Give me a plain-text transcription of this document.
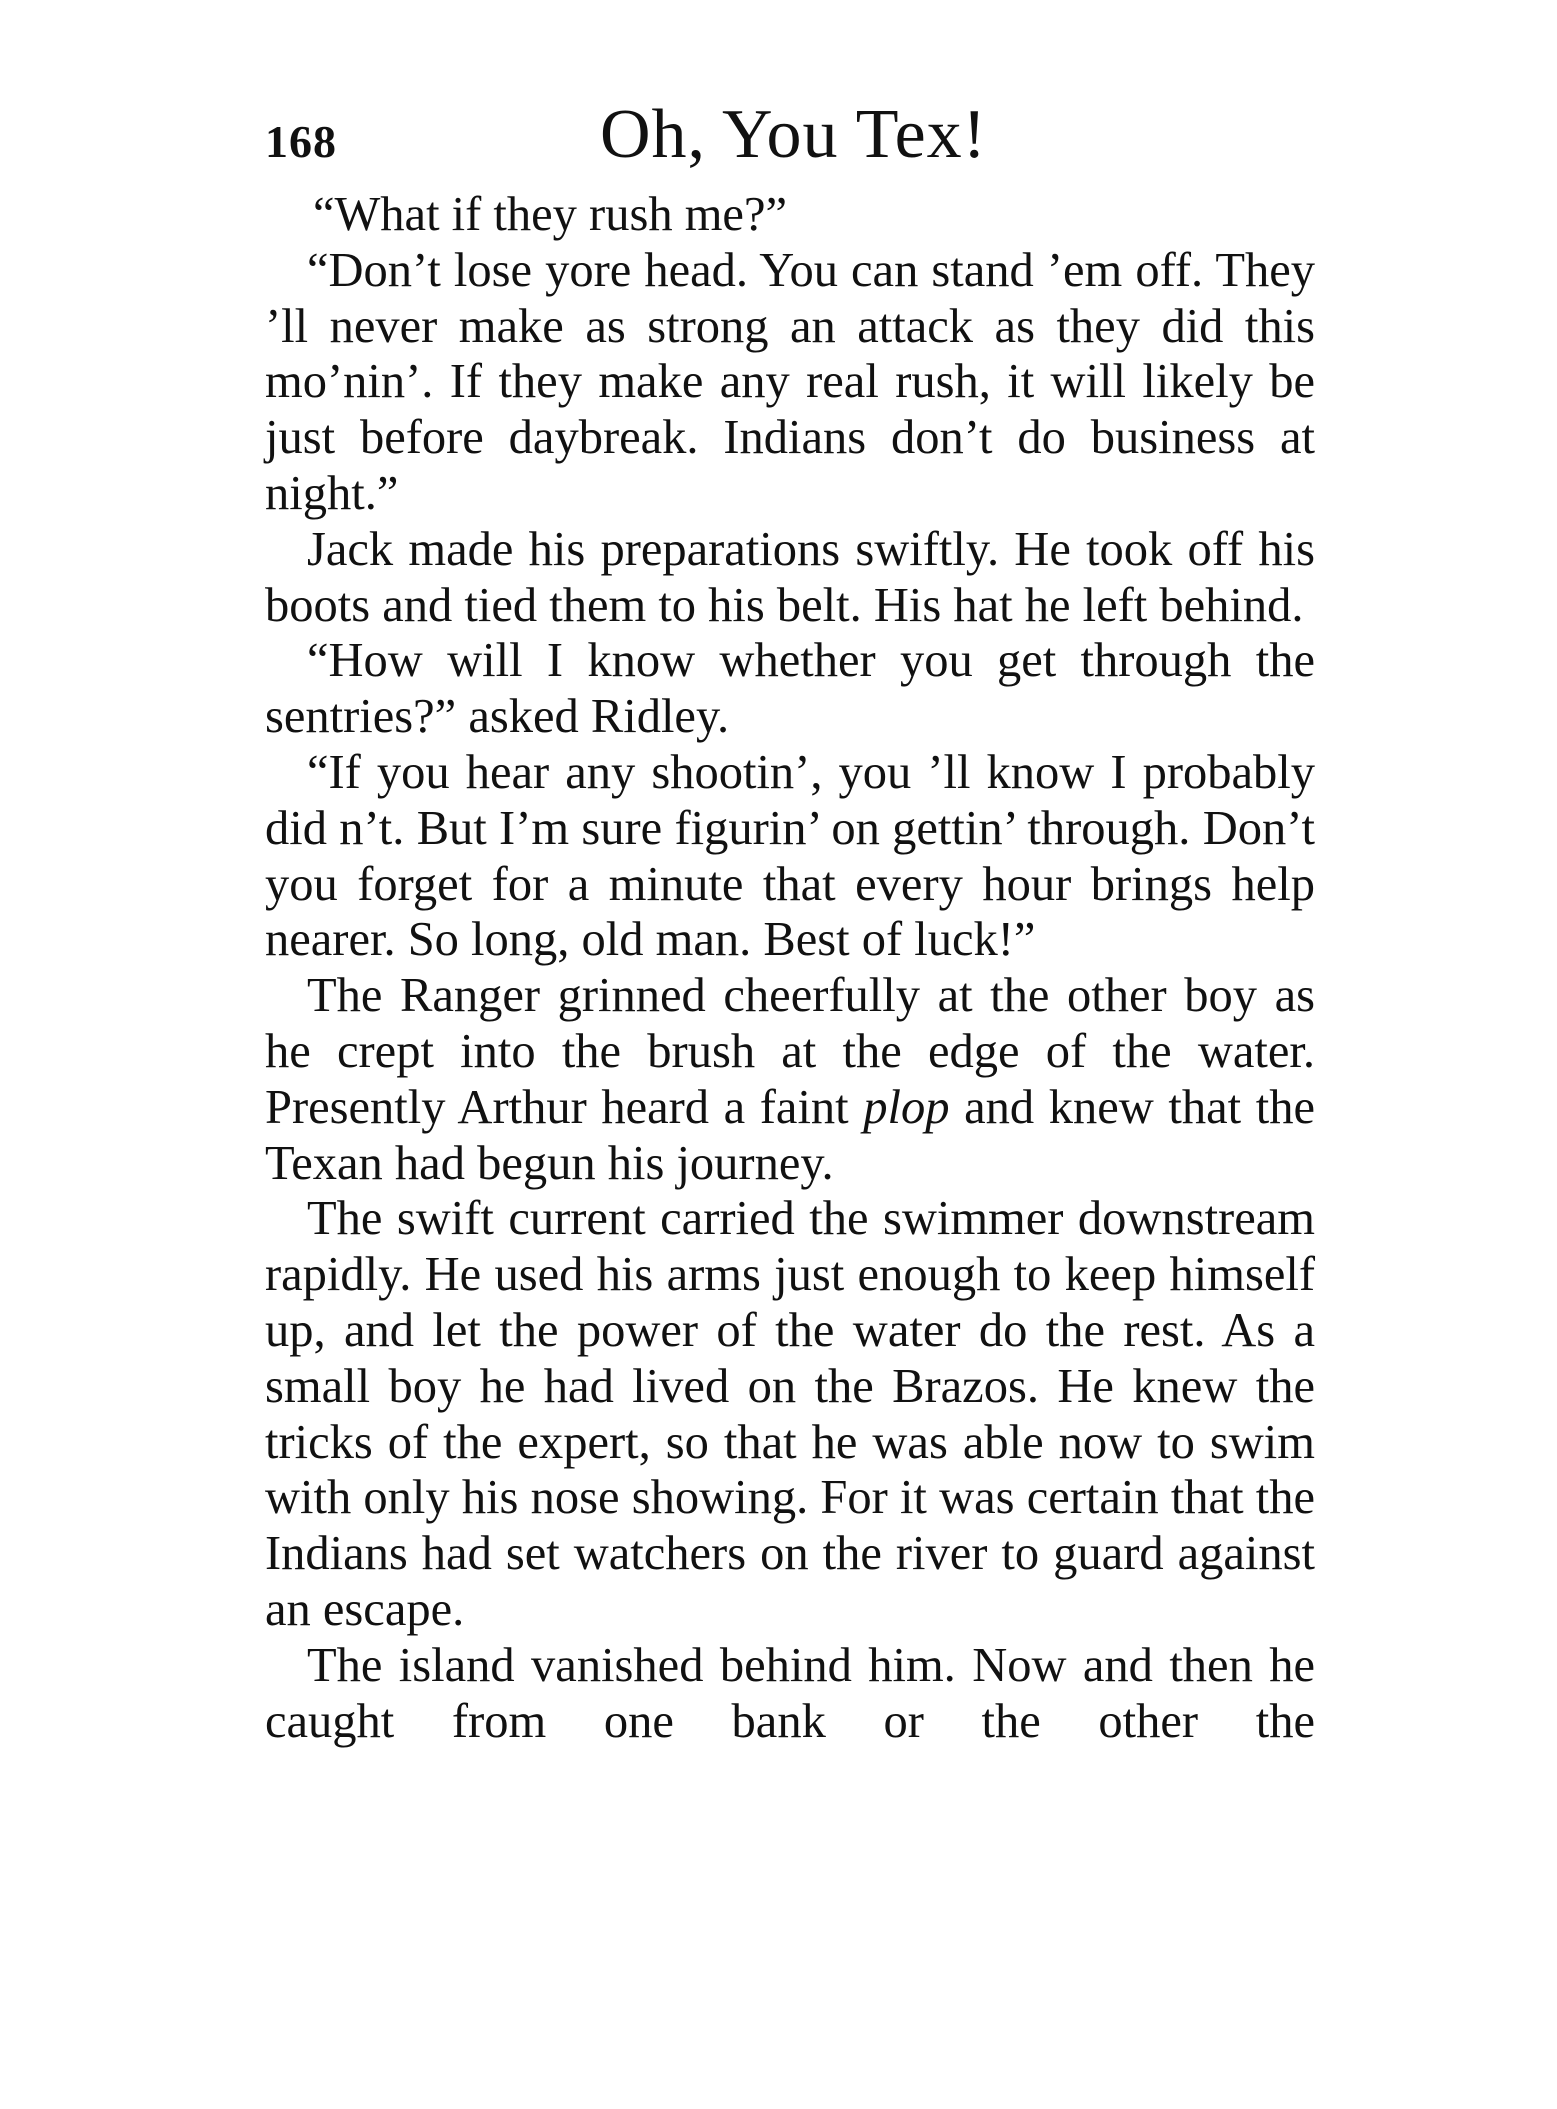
168	Oh, You Tex!

“What if they rush me?”

“Don’t lose yore head. You can stand ’em off. They ’ll never make as strong an attack as they did this mo’nin’. If they make any real rush, it will likely be just before daybreak. Indians don’t do business at night.”

Jack made his preparations swiftly. He took off his boots and tied them to his belt. His hat he left behind.

“How will I know whether you get through the sentries?” asked Ridley.

“If you hear any shootin’, you ’ll know I probably did n’t. But I’m sure figurin’ on gettin’ through. Don’t you forget for a minute that every hour brings help nearer. So long, old man. Best of luck!”

The Ranger grinned cheerfully at the other boy as he crept into the brush at the edge of the water. Presently Arthur heard a faint plop and knew that the Texan had begun his journey.

The swift current carried the swimmer downstream rapidly. He used his arms just enough to keep himself up, and let the power of the water do the rest. As a small boy he had lived on the Brazos. He knew the tricks of the expert, so that he was able now to swim with only his nose showing. For it was certain that the Indians had set watchers on the river to guard against an escape.

The island vanished behind him. Now and then he caught from one bank or the other the
